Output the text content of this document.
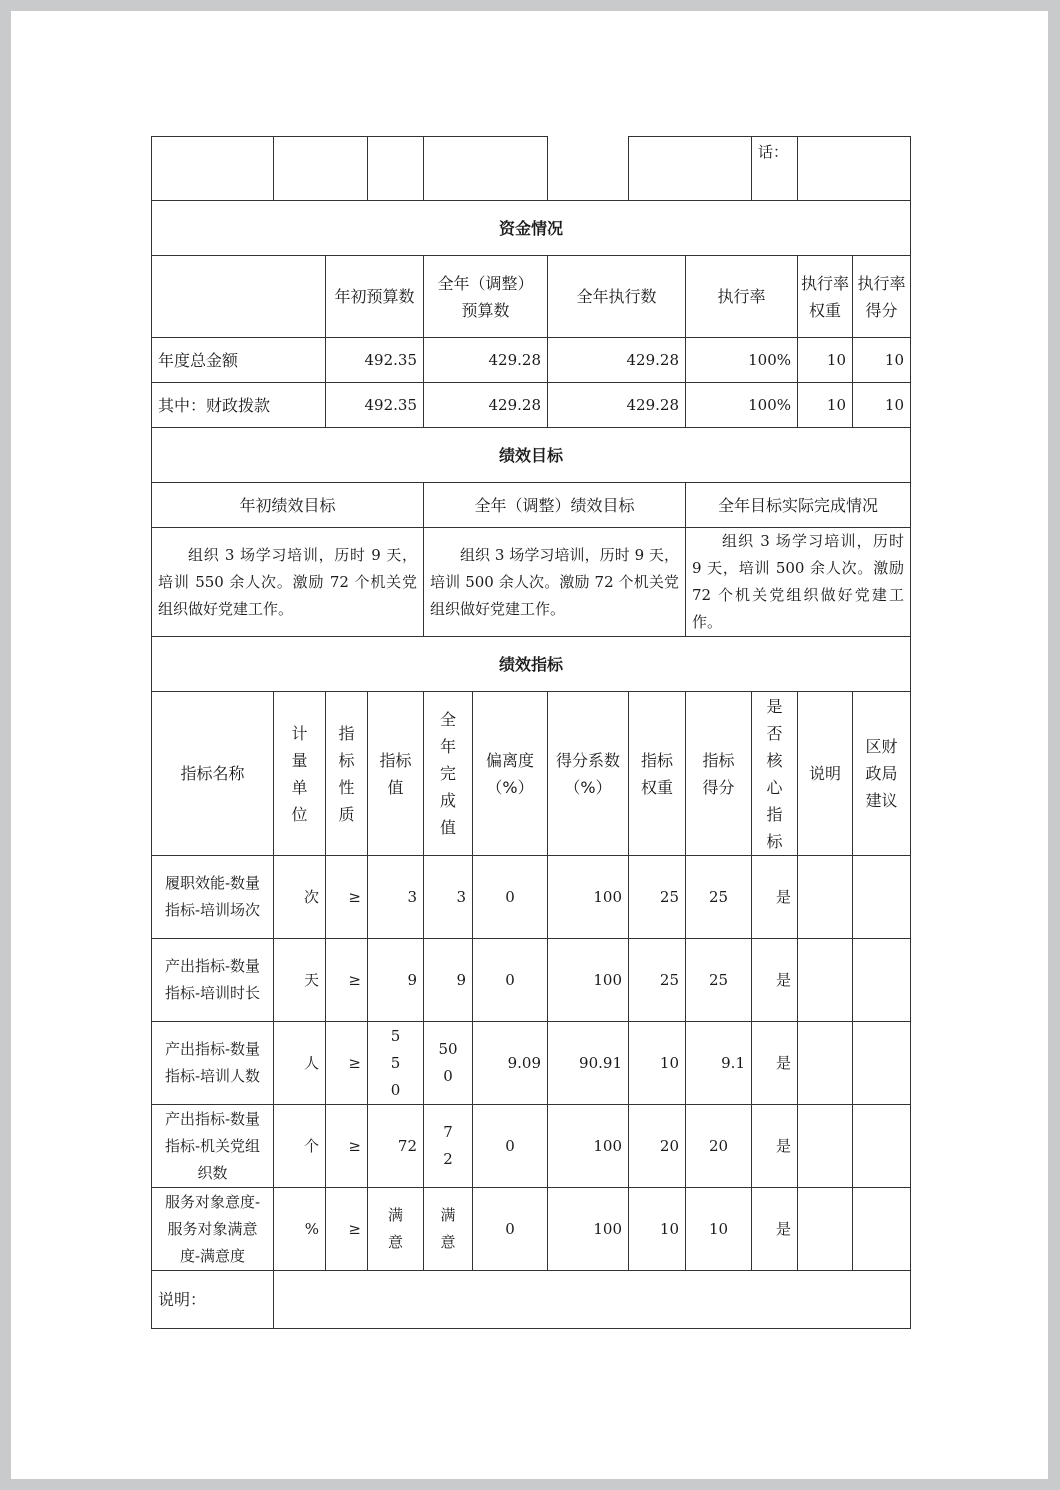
									话：		
资金情况											
		年初预算数		全年（调整）预算数		全年执行数		执行率		执行率权重	执行率得分
年度总金额		492.35		429.28		429.28		100%		10	10
其中：财政拨款		492.35		429.28		429.28		100%		10	10
绩效目标											
年初绩效目标				全年（调整）绩效目标				全年目标实际完成情况			
组织 3 场学习培训，历时 9 天，培训 550 余人次。激励 72 个机关党组织做好党建工作。				组织 3 场学习培训，历时 9 天，培训 500 余人次。激励 72 个机关党组织做好党建工作。				组织 3 场学习培训，历时 9 天，培训 500 余人次。激励 72 个机关党组织做好党建工作。			
绩效指标											
指标名称	计量单位	指标性质	指标值	全年完成值	偏离度（%）	得分系数（%）	指标权重	指标得分	是否核心指标	说明	区财政局建议
履职效能-数量指标-培训场次	次	≥	3	3	0	100	25	25	是		
产出指标-数量指标-培训时长	天	≥	9	9	0	100	25	25	是		
产出指标-数量指标-培训人数	人	≥	550	500	9.09	90.91	10	9.1	是		
产出指标-数量指标-机关党组织数	个	≥	72	72	0	100	20	20	是		
服务对象意度-服务对象满意度-满意度	%	≥	满意	满意	0	100	10	10	是		
说明：											
